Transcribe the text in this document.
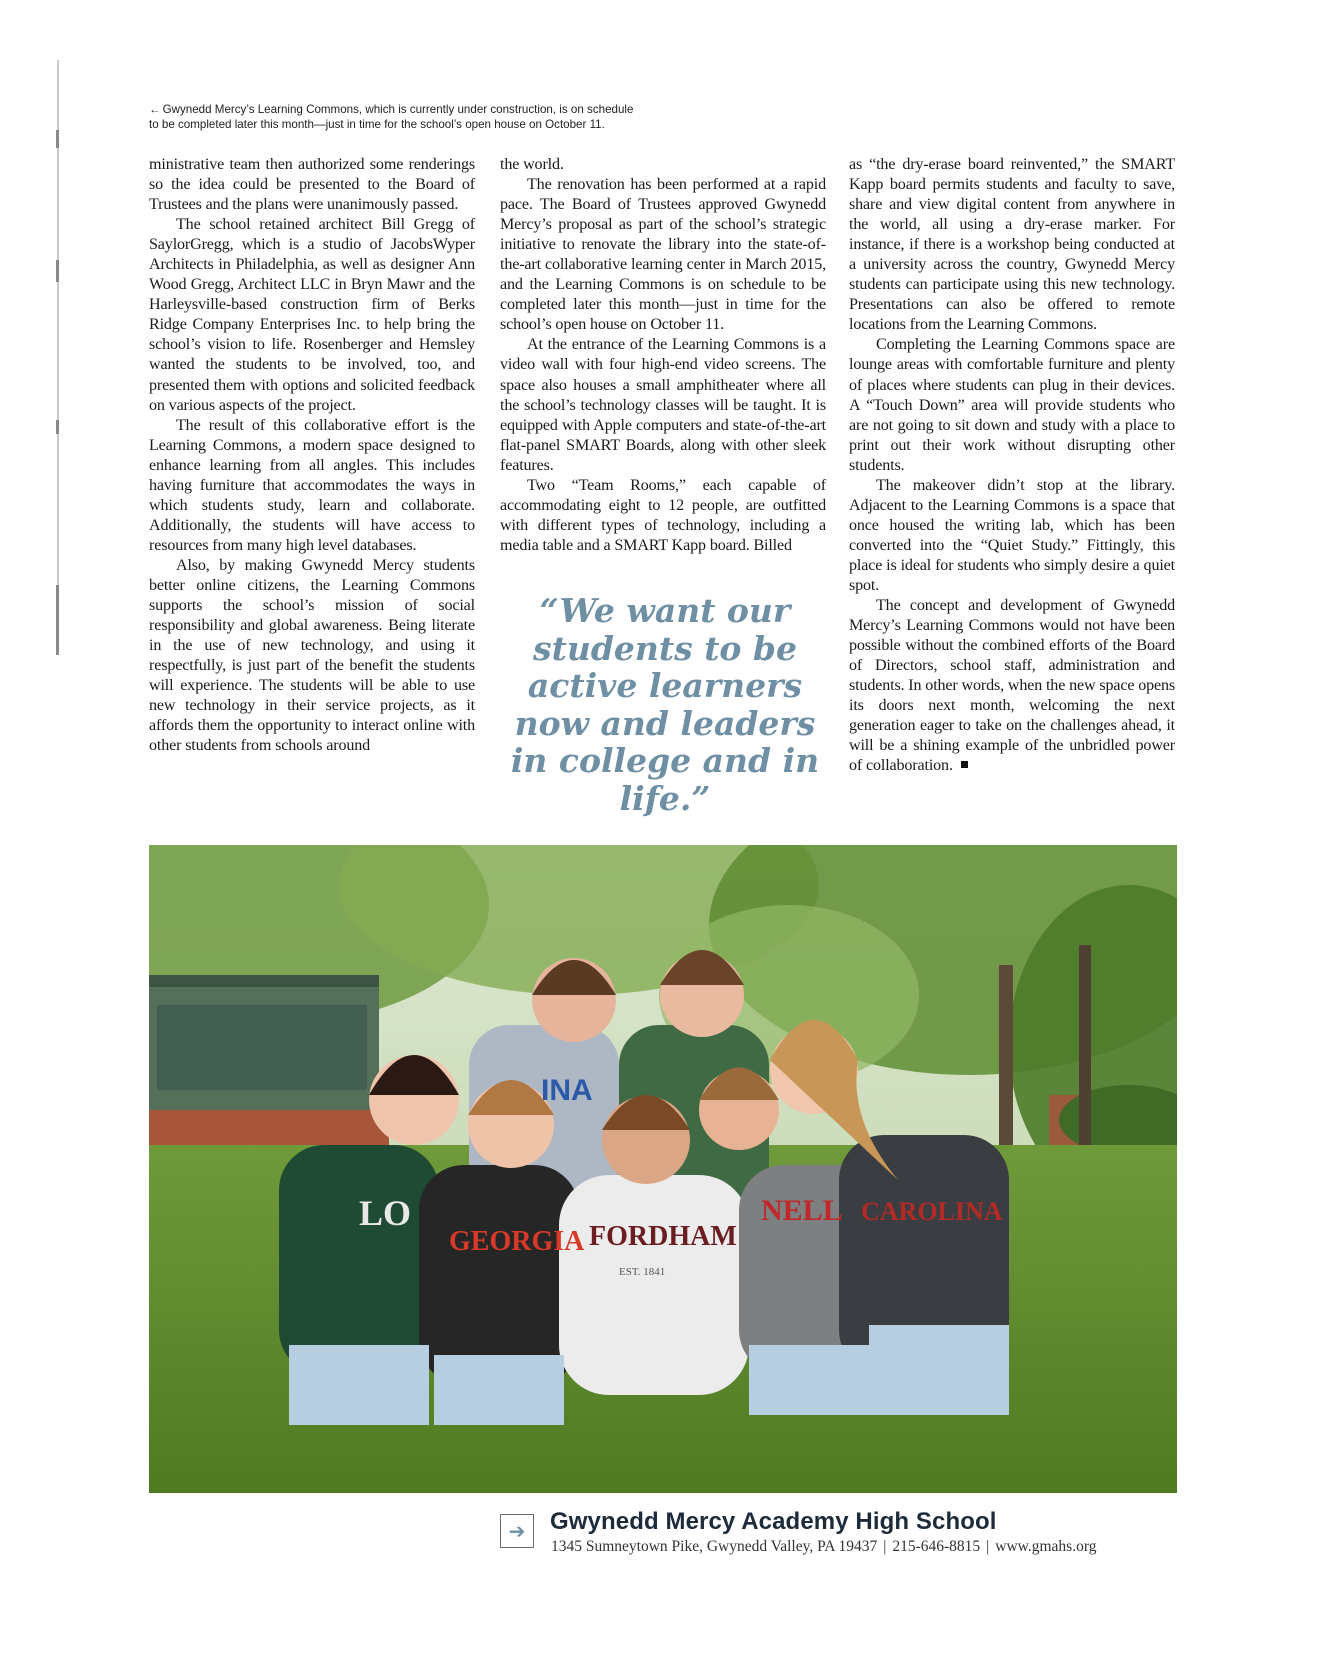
← Gwynedd Mercy’s Learning Commons, which is currently under construction, is on schedule
to be completed later this month—just in time for the school’s open house on October 11.

ministrative team then authorized some renderings so the idea could be presented to the Board of Trustees and the plans were unanimously passed.

The school retained architect Bill Gregg of SaylorGregg, which is a studio of JacobsWyper Architects in Philadelphia, as well as designer Ann Wood Gregg, Architect LLC in Bryn Mawr and the Harleysville-based construction firm of Berks Ridge Company Enterprises Inc. to help bring the school’s vision to life. Rosenberger and Hemsley wanted the students to be involved, too, and presented them with options and solicited feedback on various aspects of the project.

The result of this collaborative effort is the Learning Commons, a modern space designed to enhance learning from all angles. This includes having furniture that accommodates the ways in which students study, learn and collaborate. Additionally, the students will have access to resources from many high level databases.

Also, by making Gwynedd Mercy students better online citizens, the Learning Commons supports the school’s mission of social responsibility and global awareness. Being literate in the use of new technology, and using it respectfully, is just part of the benefit the students will experience. The students will be able to use new technology in their service projects, as it affords them the opportunity to interact online with other students from schools around

the world.

The renovation has been performed at a rapid pace. The Board of Trustees approved Gwynedd Mercy’s proposal as part of the school’s strategic initiative to renovate the library into the state-of-the-art collaborative learning center in March 2015, and the Learning Commons is on schedule to be completed later this month—just in time for the school’s open house on October 11.

At the entrance of the Learning Commons is a video wall with four high-end video screens. The space also houses a small amphitheater where all the school’s technology classes will be taught. It is equipped with Apple computers and state-of-the-art flat-panel SMART Boards, along with other sleek features.

Two “Team Rooms,” each capable of accommodating eight to 12 people, are outfitted with different types of technology, including a media table and a SMART Kapp board. Billed

“We want our students to be active learners now and leaders in college and in life.”

as “the dry-erase board reinvented,” the SMART Kapp board permits students and faculty to save, share and view digital content from anywhere in the world, all using a dry-erase marker. For instance, if there is a workshop being conducted at a university across the country, Gwynedd Mercy students can participate using this new technology. Presentations can also be offered to remote locations from the Learning Commons.

Completing the Learning Commons space are lounge areas with comfortable furniture and plenty of places where students can plug in their devices. A “Touch Down” area will provide students who are not going to sit down and study with a place to print out their work without disrupting other students.

The makeover didn’t stop at the library. Adjacent to the Learning Commons is a space that once housed the writing lab, which has been converted into the “Quiet Study.” Fittingly, this place is ideal for students who simply desire a quiet spot.

The concept and development of Gwynedd Mercy’s Learning Commons would not have been possible without the combined efforts of the Board of Directors, school staff, administration and students. In other words, when the new space opens its doors next month, welcoming the next generation eager to take on the challenges ahead, it will be a shining example of the unbridled power of collaboration.

LO
GEORGIA
INA
FORDHAM
EST. 1841
NELL CAROLINA
➔	Gwynedd Mercy Academy High School
1345 Sumneytown Pike, Gwynedd Valley, PA 19437 | 215-646-8815 | www.gmahs.org
